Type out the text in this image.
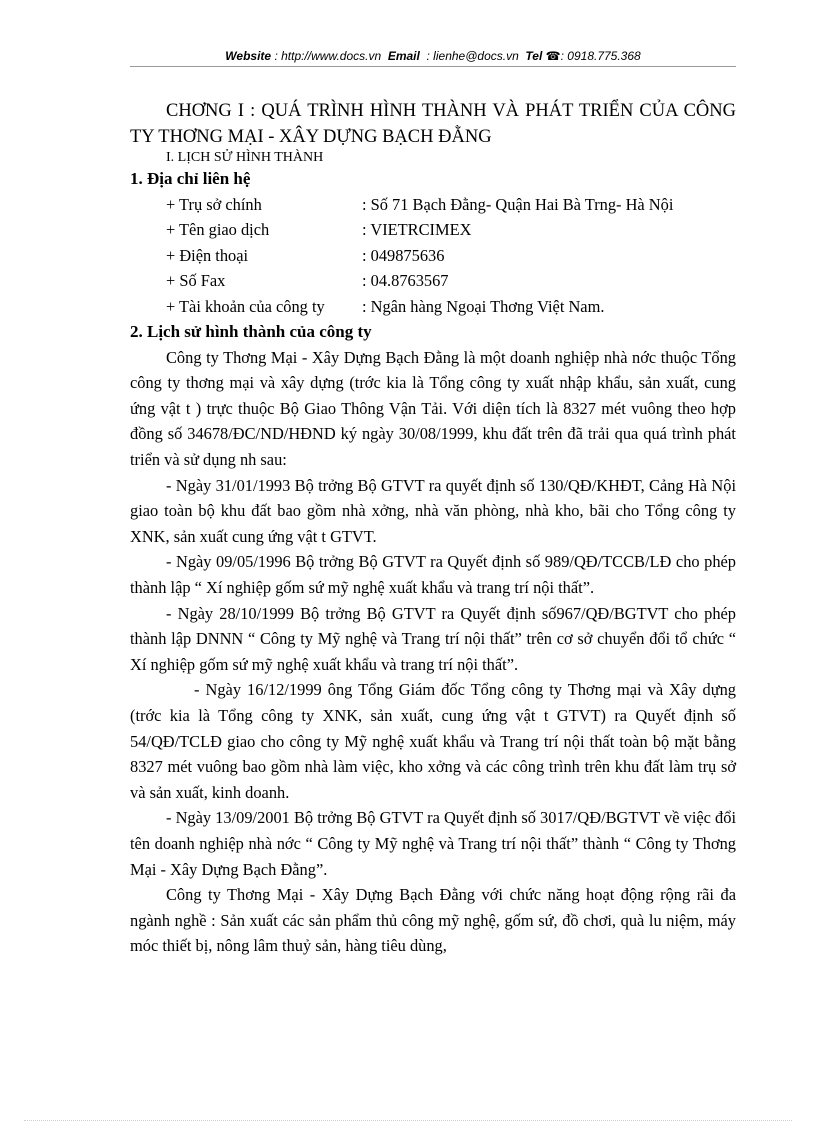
Website : http://www.docs.vn Email : lienhe@docs.vn Tel ☎: 0918.775.368
CHƠNG I : QUÁ TRÌNH HÌNH THÀNH VÀ PHÁT TRIỂN CỦA CÔNG TY THƠNG MẠI - XÂY DỰNG BẠCH ĐẰNG
I. LỊCH SỬ HÌNH THÀNH
1. Địa chỉ liên hệ
+ Trụ sở chính	: Số 71 Bạch Đằng- Quận Hai Bà Trng- Hà Nội
+ Tên giao dịch	: VIETRCIMEX
+ Điện thoại	: 049875636
+ Số Fax	: 04.8763567
+ Tài khoản của công ty	: Ngân hàng Ngoại Thơng Việt Nam.
2. Lịch sử hình thành của công ty

Công ty Thơng Mại - Xây Dựng Bạch Đằng là một doanh nghiệp nhà nớc thuộc Tổng công ty thơng mại và xây dựng (trớc kia là Tổng công ty xuất nhập khẩu, sản xuất, cung ứng vật t ) trực thuộc Bộ Giao Thông Vận Tải. Với diện tích là 8327 mét vuông theo hợp đồng số 34678/ĐC/ND/HĐND ký ngày 30/08/1999, khu đất trên đã trải qua quá trình phát triển và sử dụng nh sau:

- Ngày 31/01/1993 Bộ trởng Bộ GTVT ra quyết định số 130/QĐ/KHĐT, Cảng Hà Nội giao toàn bộ khu đất bao gồm nhà xởng, nhà văn phòng, nhà kho, bãi cho Tổng công ty XNK, sản xuất cung ứng vật t GTVT.

- Ngày 09/05/1996 Bộ trởng Bộ GTVT ra Quyết định số 989/QĐ/TCCB/LĐ cho phép thành lập “ Xí nghiệp gốm sứ mỹ nghệ xuất khẩu và trang trí nội thất”.

- Ngày 28/10/1999 Bộ trởng Bộ GTVT ra Quyết định số967/QĐ/BGTVT cho phép thành lập DNNN “ Công ty Mỹ nghệ và Trang trí nội thất” trên cơ sở chuyển đổi tổ chức “ Xí nghiệp gốm sứ mỹ nghệ xuất khẩu và trang trí nội thất”.

- Ngày 16/12/1999 ông Tổng Giám đốc Tổng công ty Thơng mại và Xây dựng (trớc kia là Tổng công ty XNK, sản xuất, cung ứng vật t GTVT) ra Quyết định số 54/QĐ/TCLĐ giao cho công ty Mỹ nghệ xuất khẩu và Trang trí nội thất toàn bộ mặt bằng 8327 mét vuông bao gồm nhà làm việc, kho xởng và các công trình trên khu đất làm trụ sở và sản xuất, kinh doanh.

- Ngày 13/09/2001 Bộ trởng Bộ GTVT ra Quyết định số 3017/QĐ/BGTVT về việc đổi tên doanh nghiệp nhà nớc “ Công ty Mỹ nghệ và Trang trí nội thất” thành “ Công ty Thơng Mại - Xây Dựng Bạch Đằng”.

Công ty Thơng Mại - Xây Dựng Bạch Đằng với chức năng hoạt động rộng rãi đa ngành nghề : Sản xuất các sản phẩm thủ công mỹ nghệ, gốm sứ, đồ chơi, quà lu niệm, máy móc thiết bị, nông lâm thuỷ sản, hàng tiêu dùng,
